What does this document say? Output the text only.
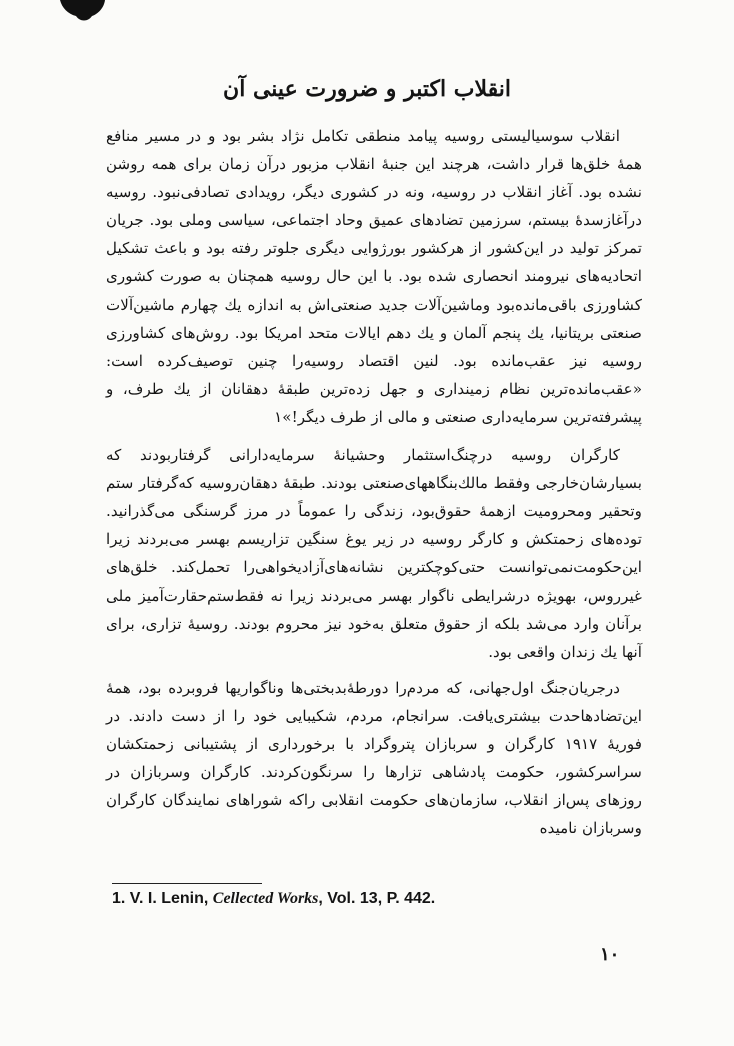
انقلاب اکتبر و ضرورت عینی آن

انقلاب سوسیالیستی روسیه پیامد منطقی تکامل نژاد بشر بود و در مسیر منافع همهٔ خلق‌ها قرار داشت، هرچند این جنبهٔ انقلاب مزبور درآن زمان برای همه روشن نشده بود. آغاز انقلاب در روسیه، ونه در کشوری دیگر، رویدادی تصادفی‌نبود. روسیه درآغازسدهٔ بیستم، سرزمین تضادهای عمیق وحاد اجتماعی، سیاسی وملی بود. جریان تمرکز تولید در این‌کشور از هرکشور بورژوایی دیگری جلوتر رفته بود و باعث تشکیل اتحادیه‌های نیرومند انحصاری شده بود. با این حال روسیه همچنان به صورت کشوری کشاورزی باقی‌مانده‌بود وماشین‌آلات جدید صنعتی‌اش به اندازه یك چهارم ماشین‌آلات صنعتی بریتانیا، یك پنجم آلمان و یك دهم ایالات متحد امریکا بود. روش‌های کشاورزی روسیه نیز عقب‌مانده بود. لنین اقتصاد روسیه‌را چنین توصیف‌کرده است: «عقب‌مانده‌ترین نظام زمینداری و جهل زده‌ترین طبقهٔ دهقانان از یك طرف، و پیشرفته‌ترین سرمایه‌داری صنعتی و مالی از طرف دیگر!»۱

کارگران روسیه درچنگ‌استثمار وحشیانهٔ سرمایه‌دارانی گرفتاربودند که بسیارشان‌خارجی وفقط مالك‌بنگاههای‌صنعتی بودند. طبقهٔ دهقان‌روسیه که‌گرفتار ستم وتحقیر ومحرومیت ازهمهٔ حقوق‌بود، زندگی را عموماً در مرز گرسنگی می‌گذرانید. توده‌های زحمتکش و کارگر روسیه در زیر یوغ سنگین تزاریسم بهسر می‌بردند زیرا این‌حکومت‌نمی‌توانست حتی‌کوچکترین نشانه‌های‌آزادیخواهی‌را تحمل‌کند. خلق‌های غیرروس، بهویژه درشرایطی ناگوار بهسر می‌بردند زیرا نه فقط‌ستم‌حقارت‌آمیز ملی برآنان وارد می‌شد بلکه از حقوق متعلق به‌خود نیز محروم بودند. روسیهٔ تزاری، برای آنها یك زندان واقعی بود.

درجریان‌جنگ اول‌جهانی، که مردم‌را دورطهٔ‌بدبختی‌ها وناگواریها فروبرده بود، همهٔ این‌تضادهاحدت بیشتری‌یافت. سرانجام، مردم، شکیبایی خود را از دست دادند. در فوریهٔ ۱۹۱۷ کارگران و سربازان پتروگراد با برخورداری از پشتیبانی زحمتکشان سراسرکشور، حکومت پادشاهی تزارها را سرنگون‌کردند. کارگران وسربازان در روزهای پس‌از انقلاب، سازمان‌های حکومت انقلابی راکه شوراهای نمایندگان کارگران وسربازان نامیده

1. V. I. Lenin, Cellected Works, Vol. 13, P. 442.
۱۰
